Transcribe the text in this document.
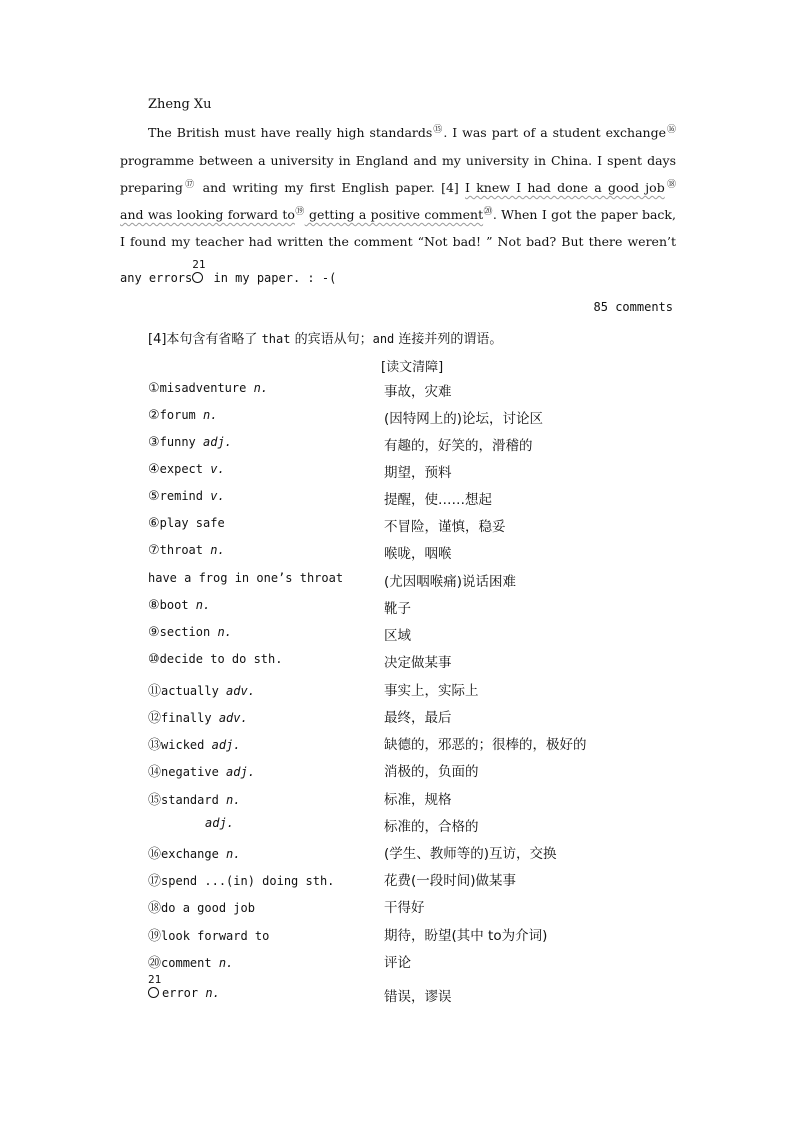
Zheng Xu
The British must have really high standards⑮. I was part of a student exchange⑯
programme between a university in England and my university in China. I spent days
preparing⑰ and writing my first English paper. [4] I knew I had done a good job⑱
and was looking forward to⑲ getting a positive comment⑳. When I got the paper back,
I found my teacher had written the comment “Not bad! ” Not bad? But there weren’t
any errors
21
in my paper. : -(
85 comments
[4]本句含有省略了 that 的宾语从句；and 连接并列的谓语。
[读文清障]
①misadventure n.	事故，灾难
②forum n.	(因特网上的)论坛，讨论区
③funny adj.	有趣的，好笑的，滑稽的
④expect v.	期望，预料
⑤remind v.	提醒，使……想起
⑥play safe	不冒险，谨慎，稳妥
⑦throat n.	喉咙，咽喉
have a frog in one’s throat	(尤因咽喉痛)说话困难
⑧boot n.	靴子
⑨section n.	区域
⑩decide to do sth.	决定做某事
⑪actually adv.	事实上，实际上
⑫finally adv.	最终，最后
⑬wicked adj.	缺德的，邪恶的；很棒的，极好的
⑭negative adj.	消极的，负面的
⑮standard n.	标准，规格
adj.	标准的，合格的
⑯exchange n.	(学生、教师等的)互访，交换
⑰spend ...(in) doing sth.	花费(一段时间)做某事
⑱do a good job	干得好
⑲look forward to	期待，盼望(其中 to为介词)
⑳comment n.	评论
21
error n.	错误，谬误
